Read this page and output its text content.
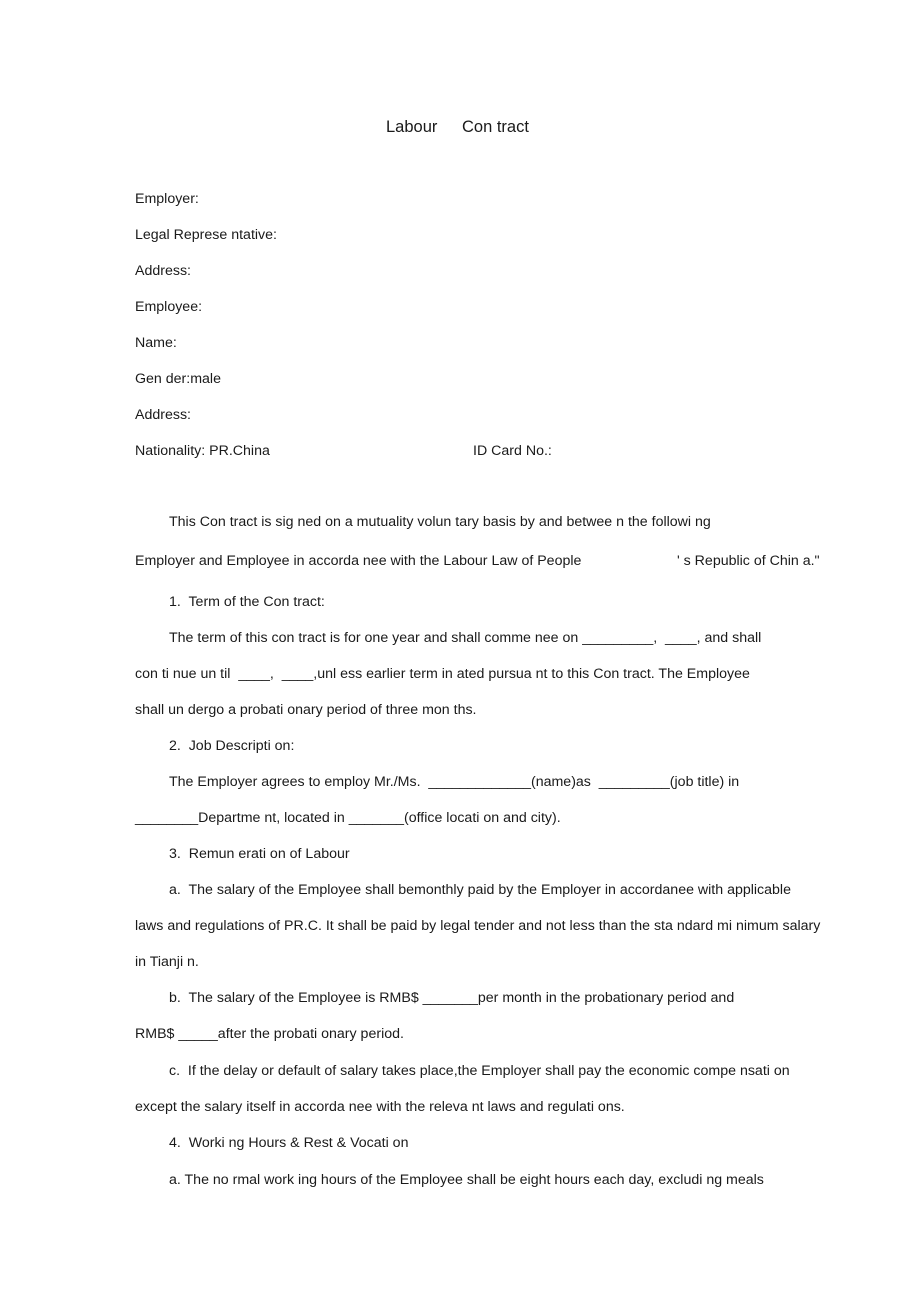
Labour Con tract
Employer:
Legal Represe ntative:
Address:
Employee:
Name:
Gen der:male
Address:
Nationality: PR.China	ID Card No.:
This Con tract is sig ned on a mutuality volun tary basis by and betwee n the followi ng
Employer and Employee in accorda nee with the Labour Law of People	' s Republic of Chin a."
1.  Term of the Con tract:
The term of this con tract is for one year and shall comme nee on _________,  ____, and shall
con ti nue un til  ____,  ____,unl ess earlier term in ated pursua nt to this Con tract. The Employee
shall un dergo a probati onary period of three mon ths.
2.  Job Descripti on:
The Employer agrees to employ Mr./Ms.  _____________(name)as  _________(job title) in
________Departme nt, located in _______(office locati on and city).
3.  Remun erati on of Labour
a.  The salary of the Employee shall bemonthly paid by the Employer in accordanee with applicable
laws and regulations of PR.C. It shall be paid by legal tender and not less than the sta ndard mi nimum salary
in Tianji n.
b.  The salary of the Employee is RMB$ _______per month in the probationary period and
RMB$ _____after the probati onary period.
c.  If the delay or default of salary takes place,the Employer shall pay the economic compe nsati on
except the salary itself in accorda nee with the releva nt laws and regulati ons.
4.  Worki ng Hours & Rest & Vocati on
a. The no rmal work ing hours of the Employee shall be eight hours each day, excludi ng meals
